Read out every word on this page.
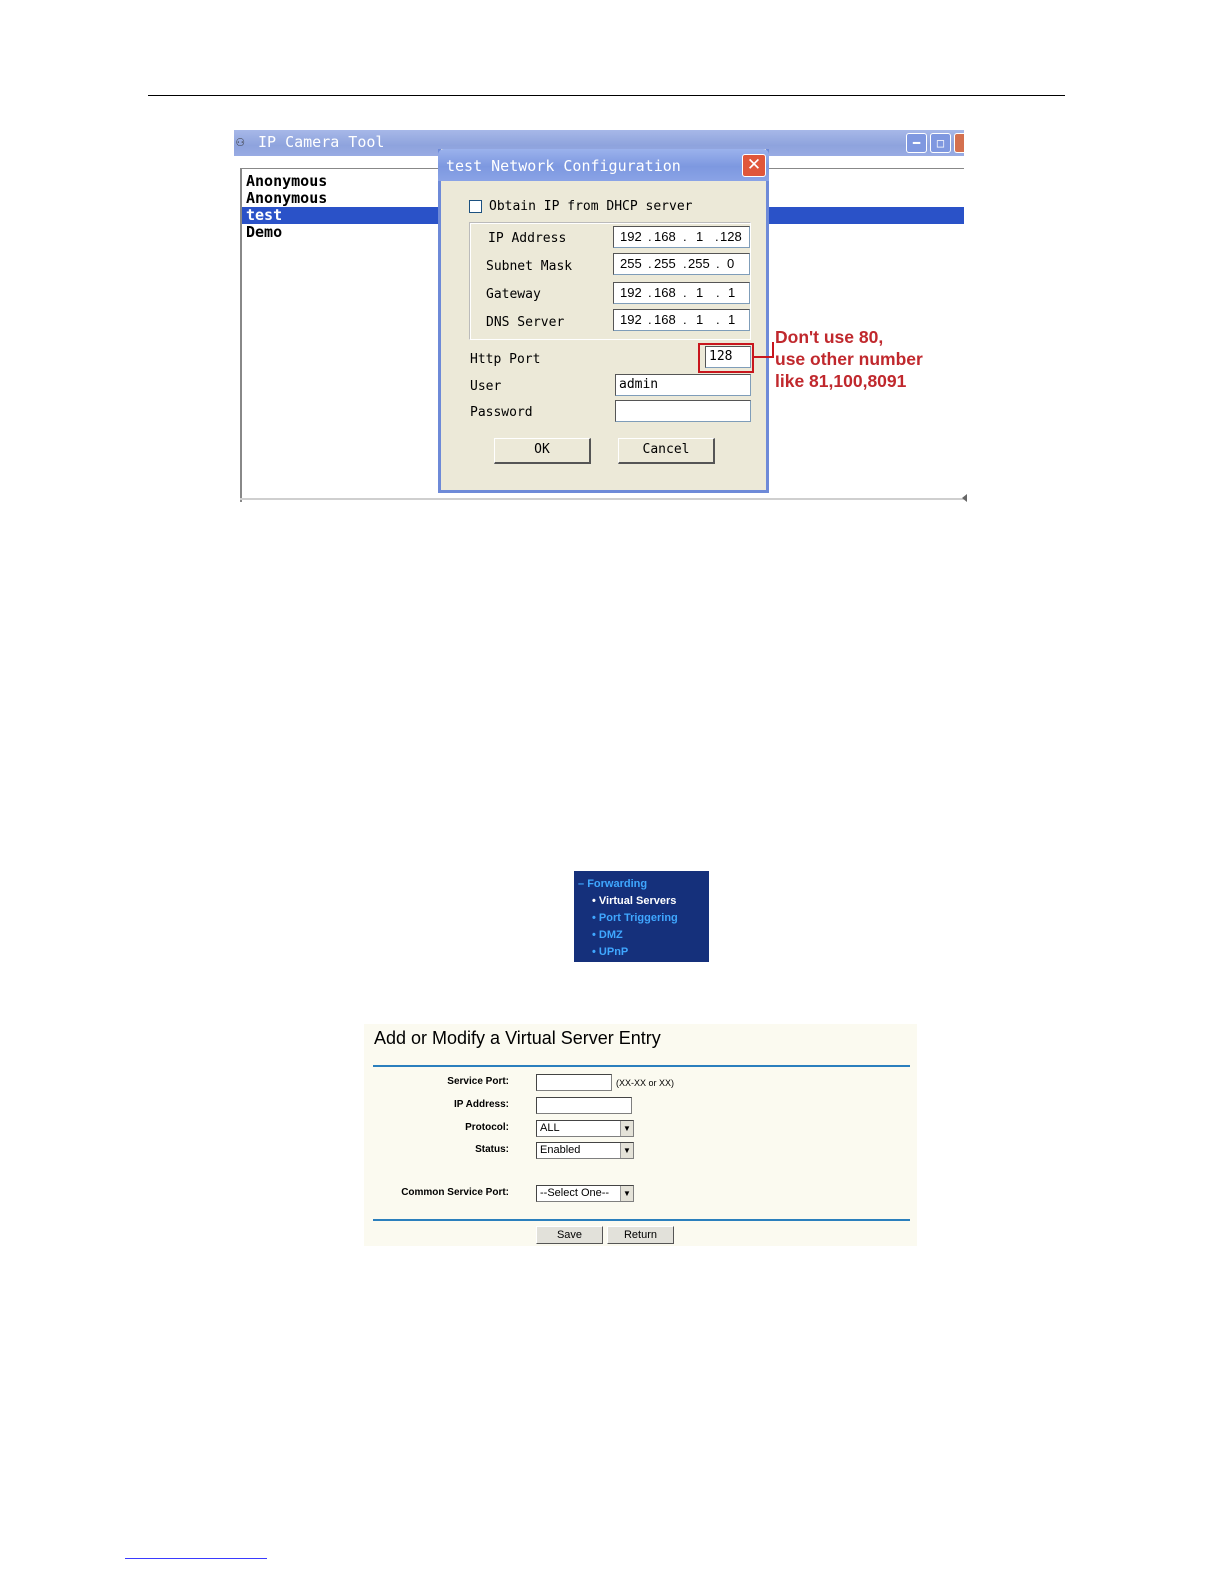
⚇ IP Camera Tool	━	□
Anonymous
Anonymous
test
Demo
test Network Configuration	✕
Obtain IP from DHCP server
IP Address	192 . 168 . 1 . 128
Subnet Mask	255 . 255 . 255 . 0
Gateway	192 . 168 . 1 . 1
DNS Server	192 . 168 . 1 . 1
Http Port	128
User	admin
Password
OK	Cancel
Don't use 80,
use other number
like 81,100,8091
– Forwarding
• Virtual Servers
• Port Triggering
• DMZ
• UPnP
Add or Modify a Virtual Server Entry
Service Port:	(XX-XX or XX)
IP Address:
Protocol:	ALL	▼
Status:	Enabled	▼
Common Service Port:	--Select One--	▼
Save	Return
